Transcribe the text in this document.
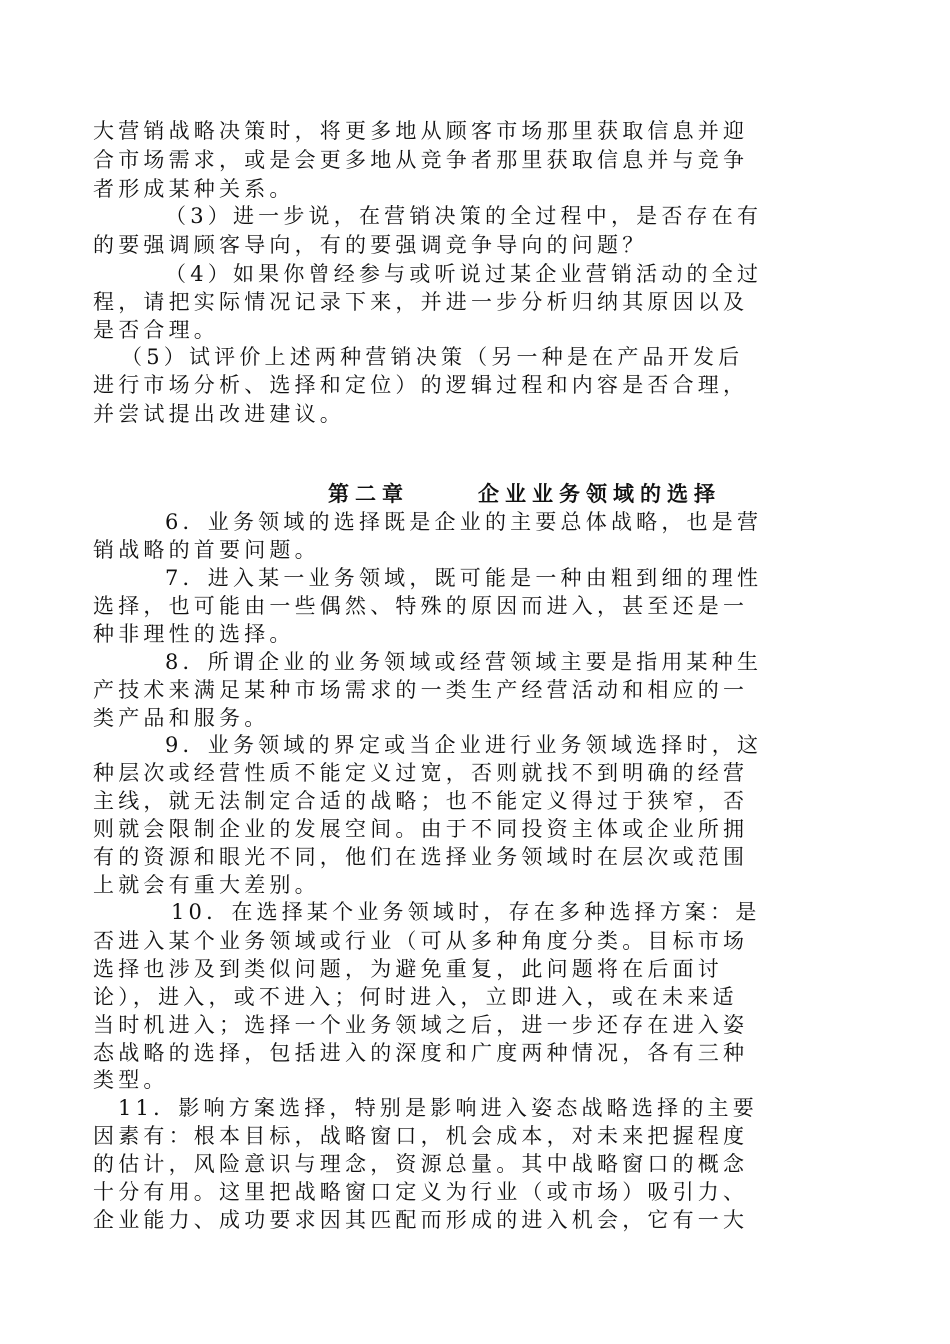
大营销战略决策时，将更多地从顾客市场那里获取信息并迎
合市场需求，或是会更多地从竞争者那里获取信息并与竞争
者形成某种关系。
（3）进一步说，在营销决策的全过程中，是否存在有
的要强调顾客导向，有的要强调竞争导向的问题？
（4）如果你曾经参与或听说过某企业营销活动的全过
程，请把实际情况记录下来，并进一步分析归纳其原因以及
是否合理。
（5）试评价上述两种营销决策（另一种是在产品开发后
进行市场分析、选择和定位）的逻辑过程和内容是否合理，
并尝试提出改进建议。
第二章	企业业务领域的选择
6．业务领域的选择既是企业的主要总体战略，也是营
销战略的首要问题。
7．进入某一业务领域，既可能是一种由粗到细的理性
选择，也可能由一些偶然、特殊的原因而进入，甚至还是一
种非理性的选择。
8．所谓企业的业务领域或经营领域主要是指用某种生
产技术来满足某种市场需求的一类生产经营活动和相应的一
类产品和服务。
9．业务领域的界定或当企业进行业务领域选择时，这
种层次或经营性质不能定义过宽，否则就找不到明确的经营
主线，就无法制定合适的战略；也不能定义得过于狭窄，否
则就会限制企业的发展空间。由于不同投资主体或企业所拥
有的资源和眼光不同，他们在选择业务领域时在层次或范围
上就会有重大差别。
10．在选择某个业务领域时，存在多种选择方案：是
否进入某个业务领域或行业（可从多种角度分类。目标市场
选择也涉及到类似问题，为避免重复，此问题将在后面讨
论），进入，或不进入；何时进入，立即进入，或在未来适
当时机进入；选择一个业务领域之后，进一步还存在进入姿
态战略的选择，包括进入的深度和广度两种情况，各有三种
类型。
11．影响方案选择，特别是影响进入姿态战略选择的主要
因素有：根本目标，战略窗口，机会成本，对未来把握程度
的估计，风险意识与理念，资源总量。其中战略窗口的概念
十分有用。这里把战略窗口定义为行业（或市场）吸引力、
企业能力、成功要求因其匹配而形成的进入机会，它有一大
